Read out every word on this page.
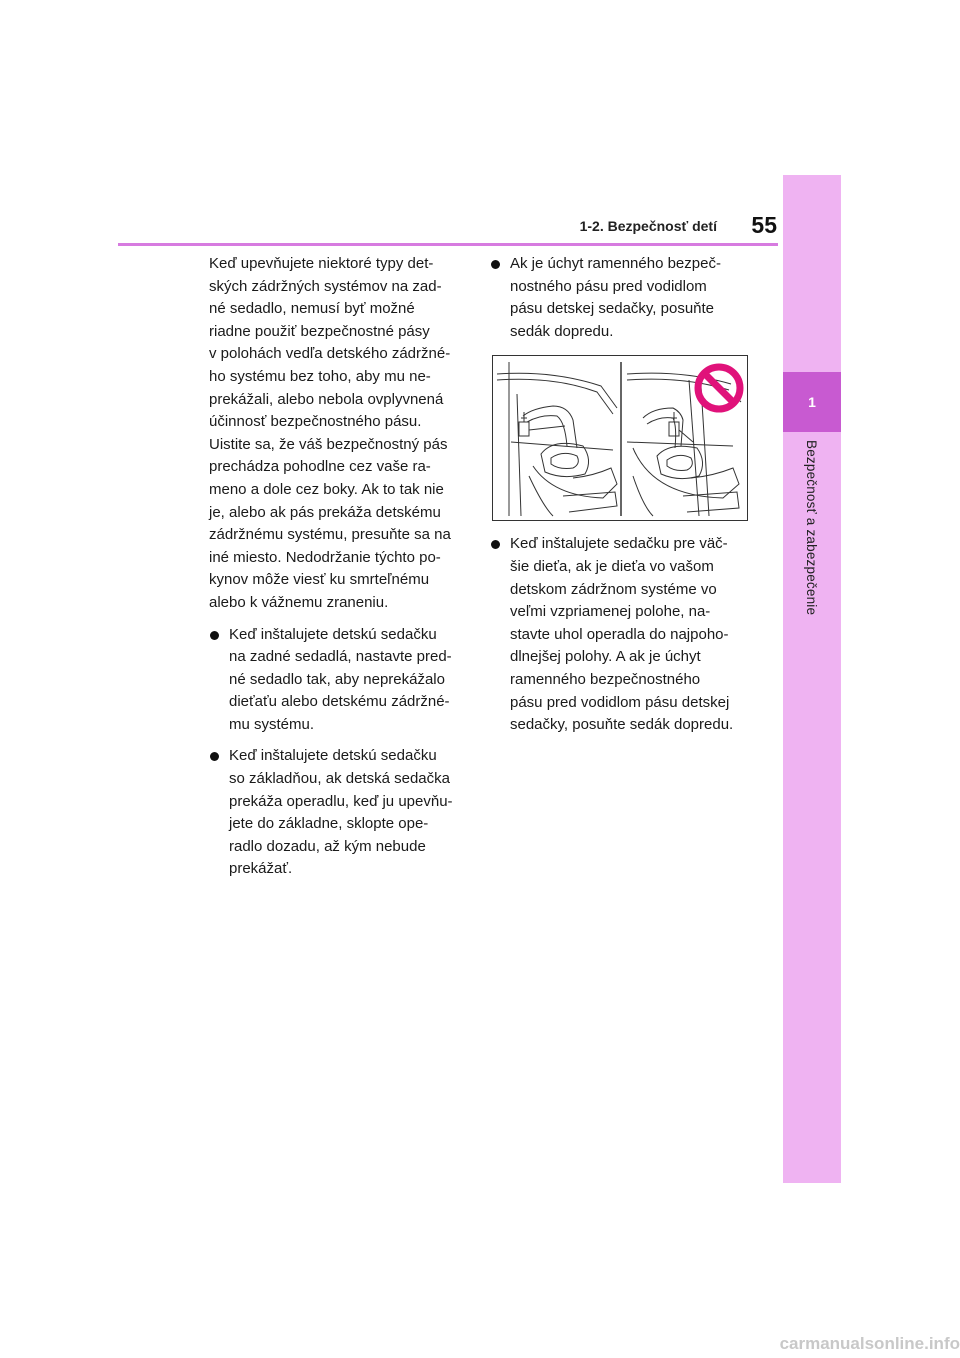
1-2. Bezpečnosť detí	55
1
Bezpečnosť a zabezpečenie

Keď upevňujete niektoré typy det-
ských zádržných systémov na zad-
né sedadlo, nemusí byť možné
riadne použiť bezpečnostné pásy
v polohách vedľa detského zádržné-
ho systému bez toho, aby mu ne-
prekážali, alebo nebola ovplyvnená
účinnosť bezpečnostného pásu.
Uistite sa, že váš bezpečnostný pás
prechádza pohodlne cez vaše ra-
meno a dole cez boky. Ak to tak nie
je, alebo ak pás prekáža detskému
zádržnému systému, presuňte sa na
iné miesto. Nedodržanie týchto po-
kynov môže viesť ku smrteľnému
alebo k vážnemu zraneniu.

Keď inštalujete detskú sedačku
na zadné sedadlá, nastavte pred-
né sedadlo tak, aby neprekážalo
dieťaťu alebo detskému zádržné-
mu systému.
Keď inštalujete detskú sedačku
so základňou, ak detská sedačka
prekáža operadlu, keď ju upevňu-
jete do základne, sklopte ope-
radlo dozadu, až kým nebude
prekážať.
Ak je úchyt ramenného bezpeč-
nostného pásu pred vodidlom
pásu detskej sedačky, posuňte
sedák dopredu.
Keď inštalujete sedačku pre väč-
šie dieťa, ak je dieťa vo vašom
detskom zádržnom systéme vo
veľmi vzpriamenej polohe, na-
stavte uhol operadla do najpoho-
dlnejšej polohy. A ak je úchyt
ramenného bezpečnostného
pásu pred vodidlom pásu detskej
sedačky, posuňte sedák dopredu.
carmanualsonline.info
